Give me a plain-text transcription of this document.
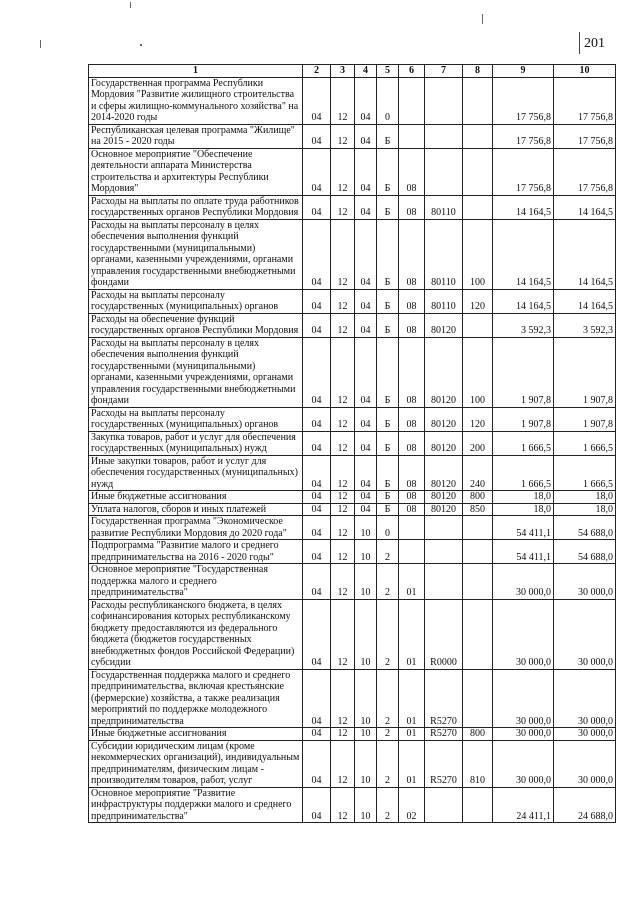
201
1	2	3	4	5	6	7	8	9	10
Государственная программа Республики Мордовия "Развитие жилищного строительства и сферы жилищно-коммунального хозяйства" на 2014-2020 годы	04	12	04	0				17 756,8	17 756,8
Республиканская целевая программа "Жилище" на 2015 - 2020 годы	04	12	04	Б				17 756,8	17 756,8
Основное мероприятие "Обеспечение деятельности аппарата Министерства строительства и архитектуры Республики Мордовия"	04	12	04	Б	08			17 756,8	17 756,8
Расходы на выплаты по оплате труда работников государственных органов Республики Мордовия	04	12	04	Б	08	80110		14 164,5	14 164,5
Расходы на выплаты персоналу в целях обеспечения выполнения функций государственными (муниципальными) органами, казенными учреждениями, органами управления государственными внебюджетными фондами	04	12	04	Б	08	80110	100	14 164,5	14 164,5
Расходы на выплаты персоналу государственных (муниципальных) органов	04	12	04	Б	08	80110	120	14 164,5	14 164,5
Расходы на обеспечение функций государственных органов Республики Мордовия	04	12	04	Б	08	80120		3 592,3	3 592,3
Расходы на выплаты персоналу в целях обеспечения выполнения функций государственными (муниципальными) органами, казенными учреждениями, органами управления государственными внебюджетными фондами	04	12	04	Б	08	80120	100	1 907,8	1 907,8
Расходы на выплаты персоналу государственных (муниципальных) органов	04	12	04	Б	08	80120	120	1 907,8	1 907,8
Закупка товаров, работ и услуг для обеспечения государственных (муниципальных) нужд	04	12	04	Б	08	80120	200	1 666,5	1 666,5
Иные закупки товаров, работ и услуг для обеспечения государственных (муниципальных) нужд	04	12	04	Б	08	80120	240	1 666,5	1 666,5
Иные бюджетные ассигнования	04	12	04	Б	08	80120	800	18,0	18,0
Уплата налогов, сборов и иных платежей	04	12	04	Б	08	80120	850	18,0	18,0
Государственная программа "Экономическое развитие Республики Мордовия до 2020 года"	04	12	10	0				54 411,1	54 688,0
Подпрограмма "Развитие малого и среднего предпринимательства на 2016 - 2020 годы"	04	12	10	2				54 411,1	54 688,0
Основное мероприятие "Государственная поддержка малого и среднего предпринимательства"	04	12	10	2	01			30 000,0	30 000,0
Расходы республиканского бюджета, в целях софинансирования которых республиканскому бюджету предоставляются из федерального бюджета (бюджетов государственных внебюджетных фондов Российской Федерации) субсидии	04	12	10	2	01	R0000		30 000,0	30 000,0
Государственная поддержка малого и среднего предпринимательства, включая крестьянские (фермерские) хозяйства, а также реализация мероприятий по поддержке молодежного предпринимательства	04	12	10	2	01	R5270		30 000,0	30 000,0
Иные бюджетные ассигнования	04	12	10	2	01	R5270	800	30 000,0	30 000,0
Субсидии юридическим лицам (кроме некоммерческих организаций), индивидуальным предпринимателям, физическим лицам - производителям товаров, работ, услуг	04	12	10	2	01	R5270	810	30 000,0	30 000,0
Основное мероприятие "Развитие инфраструктуры поддержки малого и среднего предпринимательства"	04	12	10	2	02			24 411,1	24 688,0
